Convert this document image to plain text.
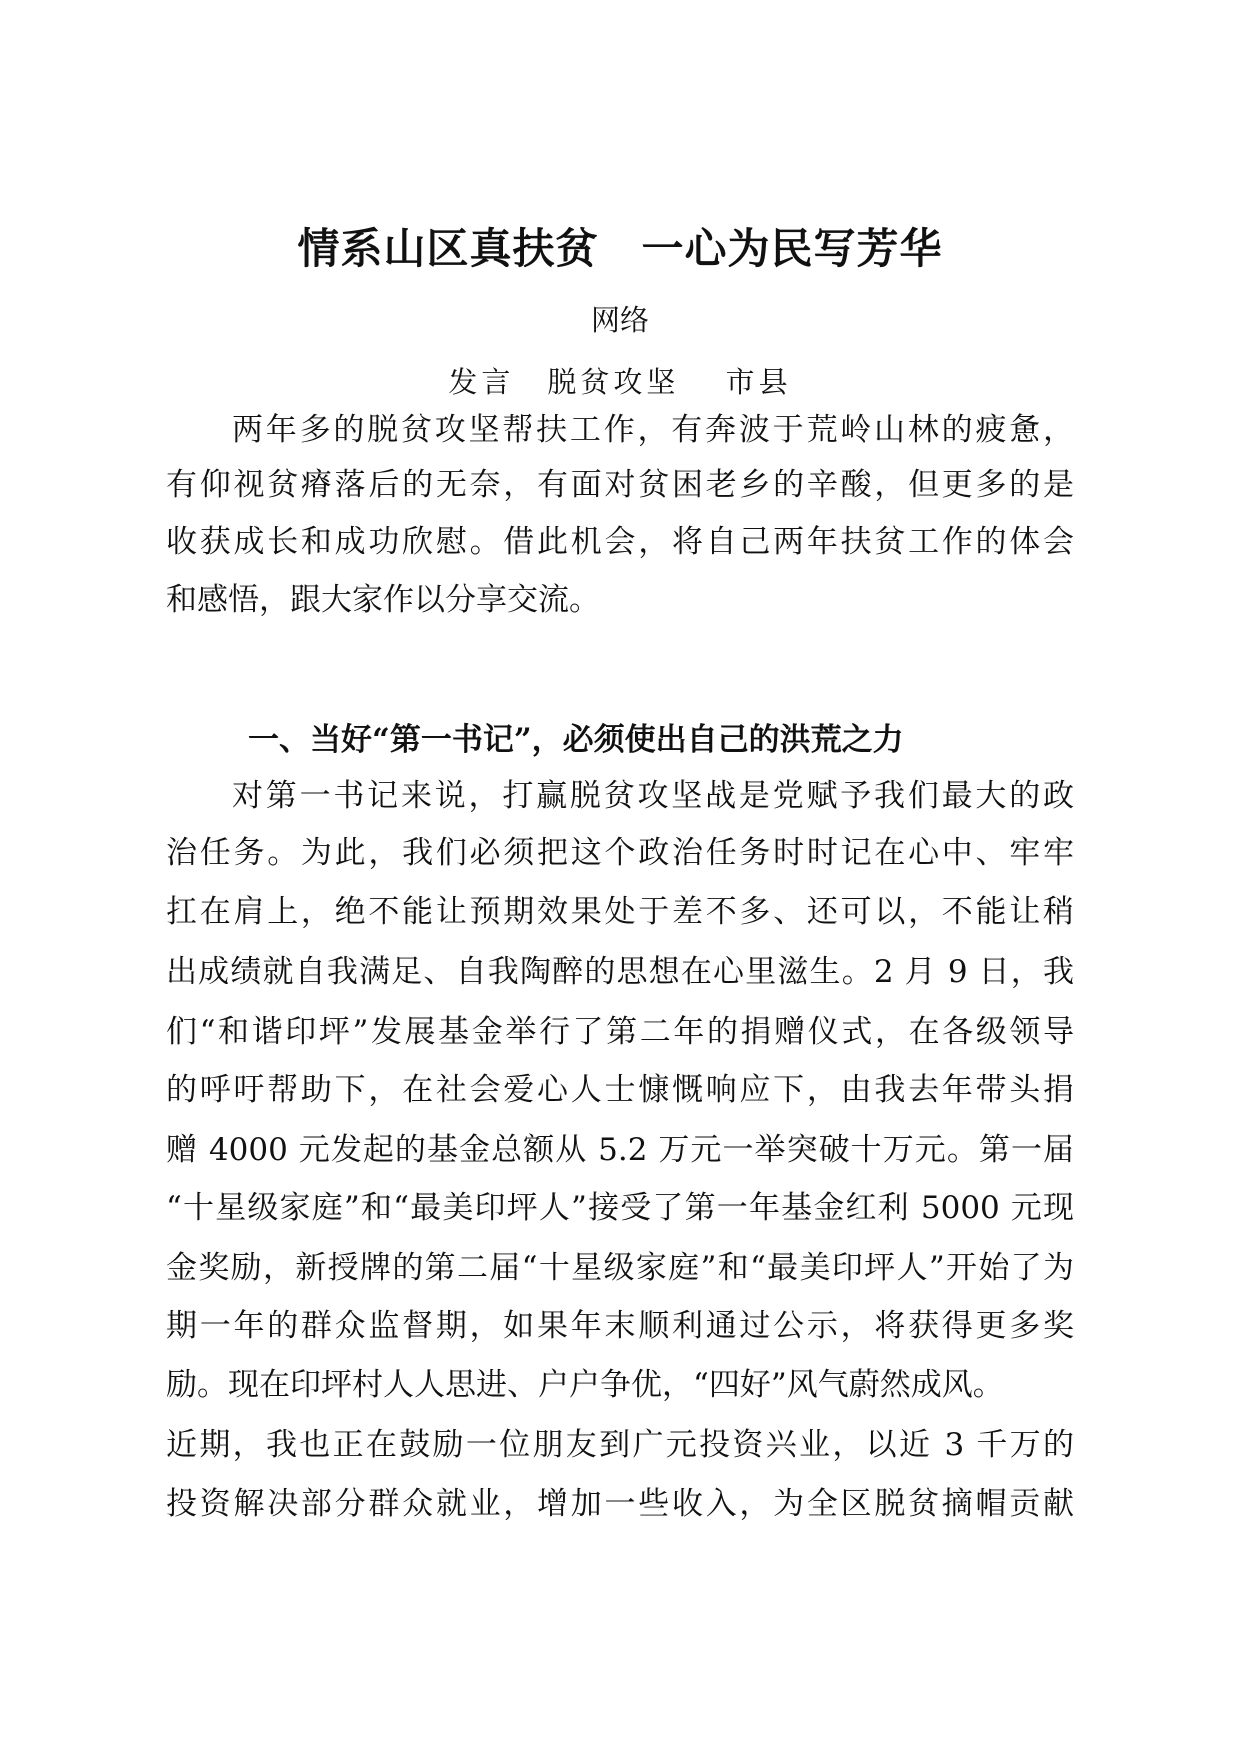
情系山区真扶贫　一心为民写芳华
网络
发言　脱贫攻坚　 市县
两年多的脱贫攻坚帮扶工作，有奔波于荒岭山林的疲惫，
有仰视贫瘠落后的无奈，有面对贫困老乡的辛酸，但更多的是
收获成长和成功欣慰。借此机会，将自己两年扶贫工作的体会
和感悟，跟大家作以分享交流。
一、当好“第一书记”，必须使出自己的洪荒之力
对第一书记来说，打赢脱贫攻坚战是党赋予我们最大的政
治任务。为此，我们必须把这个政治任务时时记在心中、牢牢
扛在肩上，绝不能让预期效果处于差不多、还可以，不能让稍
出成绩就自我满足、自我陶醉的思想在心里滋生。2 月 9 日，我
们“和谐印坪”发展基金举行了第二年的捐赠仪式，在各级领导
的呼吁帮助下，在社会爱心人士慷慨响应下，由我去年带头捐
赠 4000 元发起的基金总额从 5.2 万元一举突破十万元。第一届
“十星级家庭”和“最美印坪人”接受了第一年基金红利 5000 元现
金奖励，新授牌的第二届“十星级家庭”和“最美印坪人”开始了为
期一年的群众监督期，如果年末顺利通过公示，将获得更多奖
励。现在印坪村人人思进、户户争优，“四好”风气蔚然成风。
近期，我也正在鼓励一位朋友到广元投资兴业，以近 3 千万的
投资解决部分群众就业，增加一些收入，为全区脱贫摘帽贡献
